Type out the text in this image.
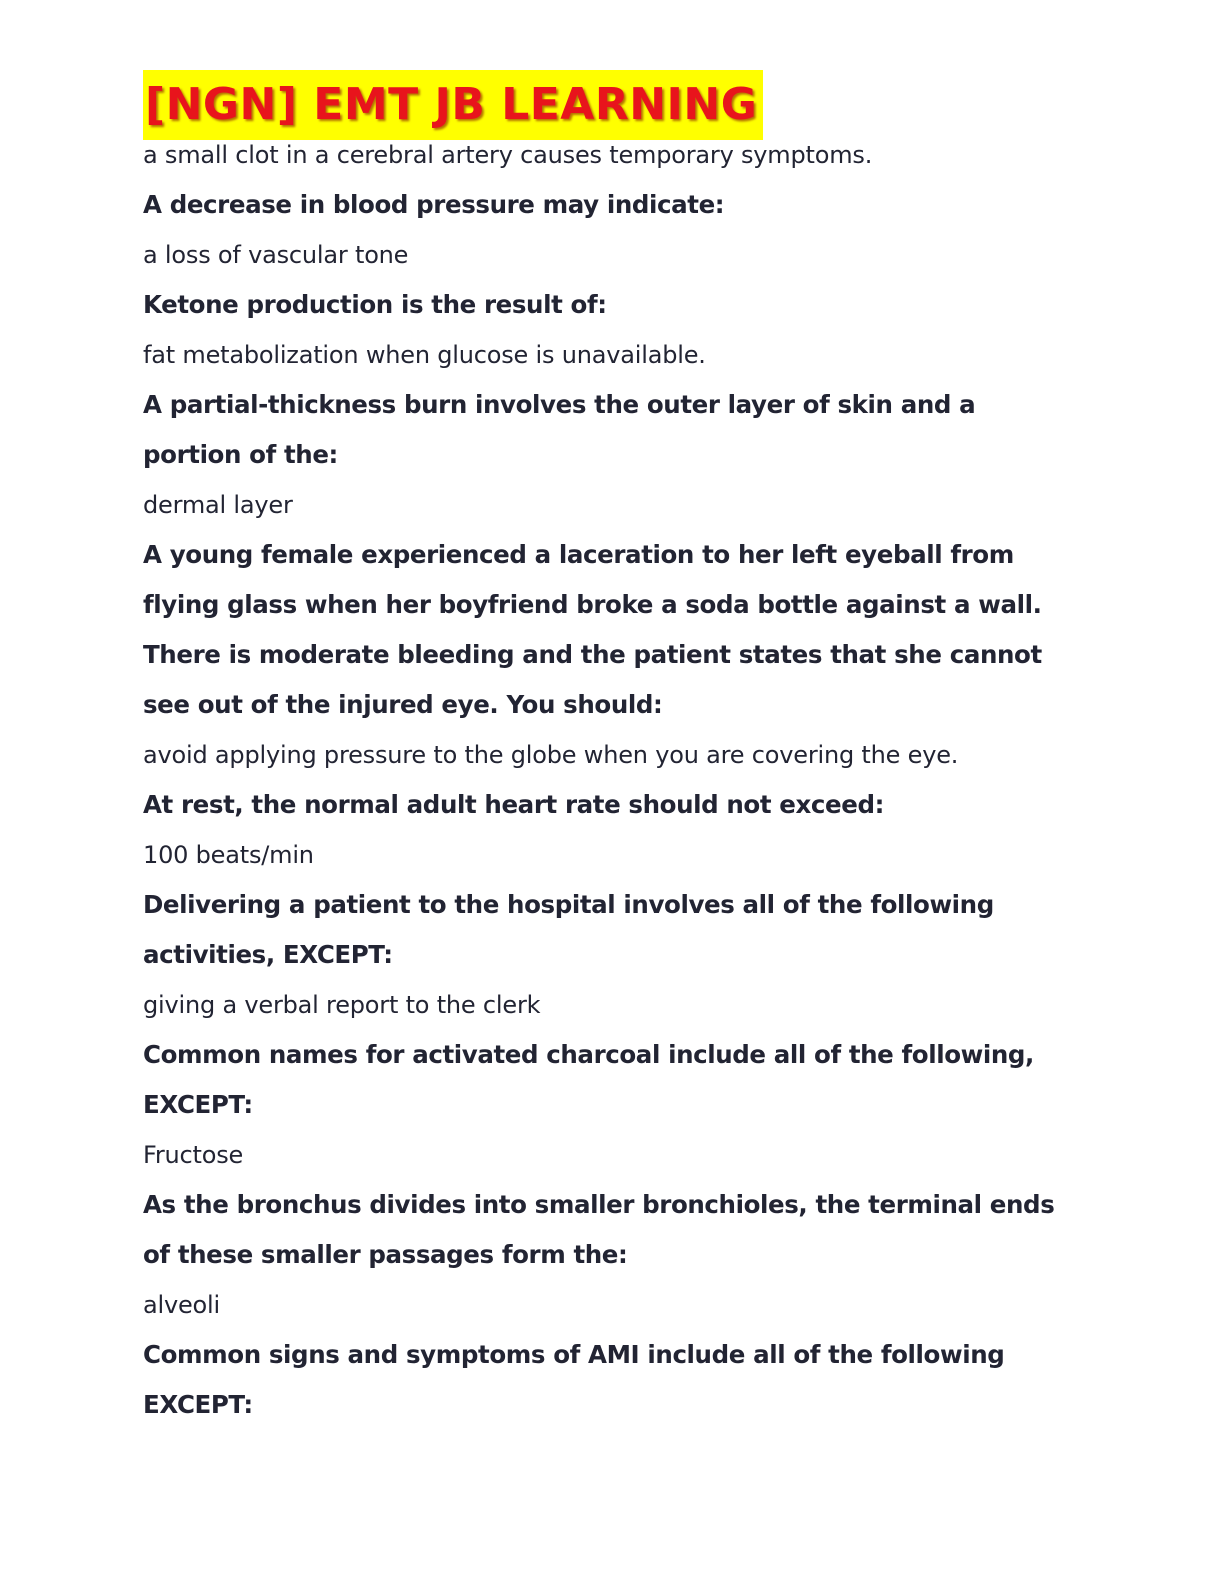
[NGN] EMT JB LEARNING

a small clot in a cerebral artery causes temporary symptoms.

A decrease in blood pressure may indicate:

a loss of vascular tone

Ketone production is the result of:

fat metabolization when glucose is unavailable.

A partial-thickness burn involves the outer layer of skin and a portion of the:

dermal layer

A young female experienced a laceration to her left eyeball from flying glass when her boyfriend broke a soda bottle against a wall. There is moderate bleeding and the patient states that she cannot see out of the injured eye. You should:

avoid applying pressure to the globe when you are covering the eye.

At rest, the normal adult heart rate should not exceed:

100 beats/min

Delivering a patient to the hospital involves all of the following activities, EXCEPT:

giving a verbal report to the clerk

Common names for activated charcoal include all of the following, EXCEPT:

Fructose

As the bronchus divides into smaller bronchioles, the terminal ends of these smaller passages form the:

alveoli

Common signs and symptoms of AMI include all of the following EXCEPT:
